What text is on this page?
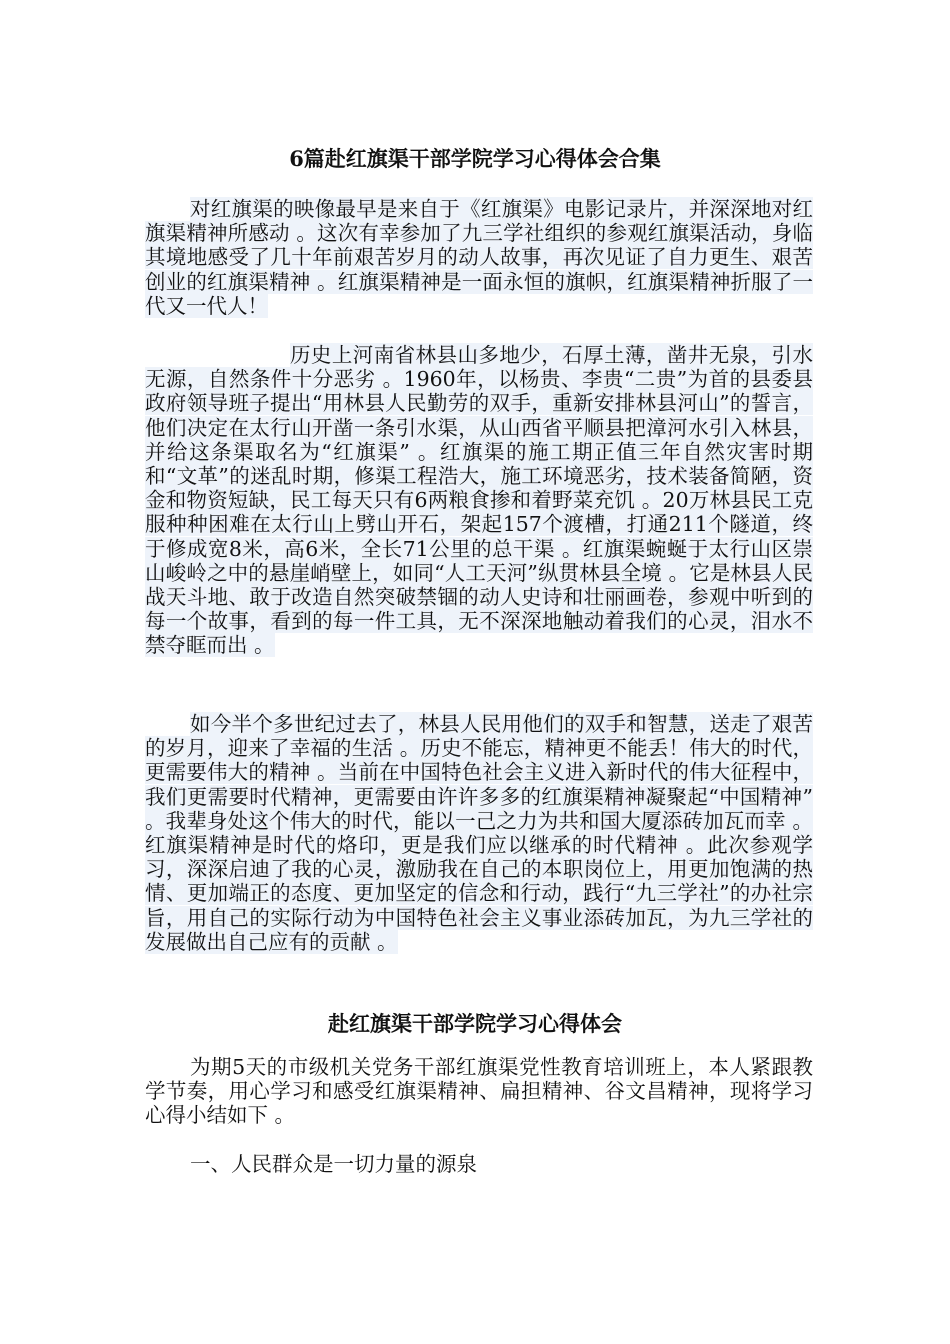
6篇赴红旗渠干部学院学习心得体会合集

对红旗渠的映像最早是来自于《红旗渠》电影记录片，并深深地对红旗渠精神所感动 。这次有幸参加了九三学社组织的参观红旗渠活动，身临其境地感受了几十年前艰苦岁月的动人故事，再次见证了自力更生、艰苦创业的红旗渠精神 。红旗渠精神是一面永恒的旗帜，红旗渠精神折服了一代又一代人！

历史上河南省林县山多地少，石厚土薄，凿井无泉，引水无源，自然条件十分恶劣 。1960年，以杨贵、李贵“二贵”为首的县委县政府领导班子提出“用林县人民勤劳的双手，重新安排林县河山”的誓言，他们决定在太行山开凿一条引水渠，从山西省平顺县把漳河水引入林县，并给这条渠取名为“红旗渠” 。红旗渠的施工期正值三年自然灾害时期和“文革”的迷乱时期，修渠工程浩大，施工环境恶劣，技术装备简陋，资金和物资短缺，民工每天只有6两粮食掺和着野菜充饥 。20万林县民工克服种种困难在太行山上劈山开石，架起157个渡槽，打通211个隧道，终于修成宽8米，高6米，全长71公里的总干渠 。红旗渠蜿蜒于太行山区崇山峻岭之中的悬崖峭壁上，如同“人工天河”纵贯林县全境 。它是林县人民战天斗地、敢于改造自然突破禁锢的动人史诗和壮丽画卷，参观中听到的每一个故事，看到的每一件工具，无不深深地触动着我们的心灵，泪水不禁夺眶而出 。

如今半个多世纪过去了，林县人民用他们的双手和智慧，送走了艰苦的岁月，迎来了幸福的生活 。历史不能忘，精神更不能丢！伟大的时代，更需要伟大的精神 。当前在中国特色社会主义进入新时代的伟大征程中，我们更需要时代精神，更需要由许许多多的红旗渠精神凝聚起“中国精神” 。我辈身处这个伟大的时代，能以一己之力为共和国大厦添砖加瓦而幸 。红旗渠精神是时代的烙印，更是我们应以继承的时代精神 。此次参观学习，深深启迪了我的心灵，激励我在自己的本职岗位上，用更加饱满的热情、更加端正的态度、更加坚定的信念和行动，践行“九三学社”的办社宗旨，用自己的实际行动为中国特色社会主义事业添砖加瓦，为九三学社的发展做出自己应有的贡献 。

赴红旗渠干部学院学习心得体会

为期5天的市级机关党务干部红旗渠党性教育培训班上，本人紧跟教学节奏，用心学习和感受红旗渠精神、扁担精神、谷文昌精神，现将学习心得小结如下 。

一、人民群众是一切力量的源泉
